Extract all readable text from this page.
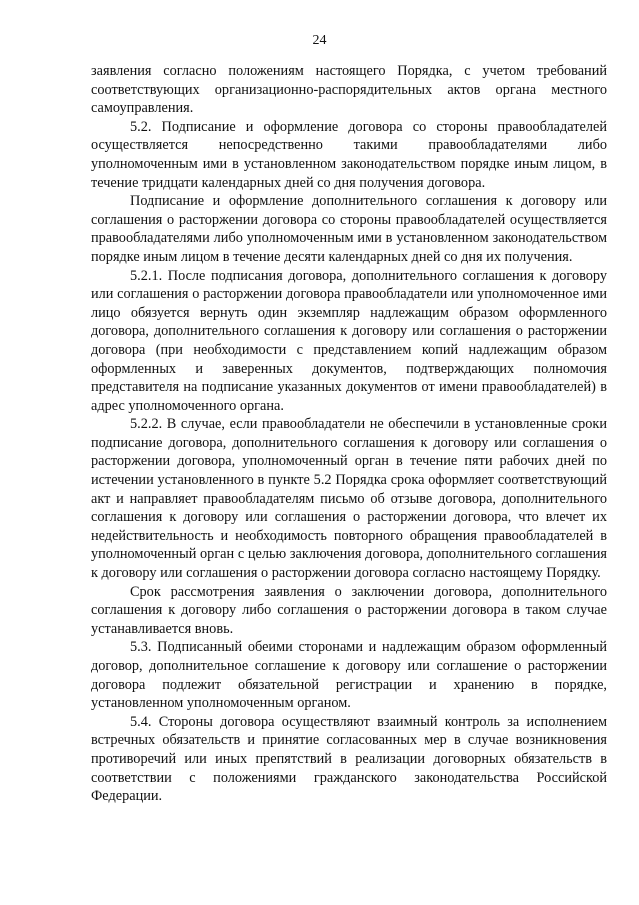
24

заявления согласно положениям настоящего Порядка, с учетом требований соответствующих организационно-распорядительных актов органа местного самоуправления.

5.2. Подписание и оформление договора со стороны правообладателей осуществляется непосредственно такими правообладателями либо уполномоченным ими в установленном законодательством порядке иным лицом, в течение тридцати календарных дней со дня получения договора.

Подписание и оформление дополнительного соглашения к договору или соглашения о расторжении договора со стороны правообладателей осуществляется правообладателями либо уполномоченным ими в установленном законодательством порядке иным лицом в течение десяти календарных дней со дня их получения.

5.2.1. После подписания договора, дополнительного соглашения к договору или соглашения о расторжении договора правообладатели или уполномоченное ими лицо обязуется вернуть один экземпляр надлежащим образом оформленного договора, дополнительного соглашения к договору или соглашения о расторжении договора (при необходимости с представлением копий надлежащим образом оформленных и заверенных документов, подтверждающих полномочия представителя на подписание указанных документов от имени правообладателей) в адрес уполномоченного органа.

5.2.2. В случае, если правообладатели не обеспечили в установленные сроки подписание договора, дополнительного соглашения к договору или соглашения о расторжении договора, уполномоченный орган в течение пяти рабочих дней по истечении установленного в пункте 5.2 Порядка срока оформляет соответствующий акт и направляет правообладателям письмо об отзыве договора, дополнительного соглашения к договору или соглашения о расторжении договора, что влечет их недействительность и необходимость повторного обращения правообладателей в уполномоченный орган с целью заключения договора, дополнительного соглашения к договору или соглашения о расторжении договора согласно настоящему Порядку.

Срок рассмотрения заявления о заключении договора, дополнительного соглашения к договору либо соглашения о расторжении договора в таком случае устанавливается вновь.

5.3. Подписанный обеими сторонами и надлежащим образом оформленный договор, дополнительное соглашение к договору или соглашение о расторжении договора подлежит обязательной регистрации и хранению в порядке, установленном уполномоченным органом.

5.4. Стороны договора осуществляют взаимный контроль за исполнением встречных обязательств и принятие согласованных мер в случае возникновения противоречий или иных препятствий в реализации договорных обязательств в соответствии с положениями гражданского законодательства Российской Федерации.
